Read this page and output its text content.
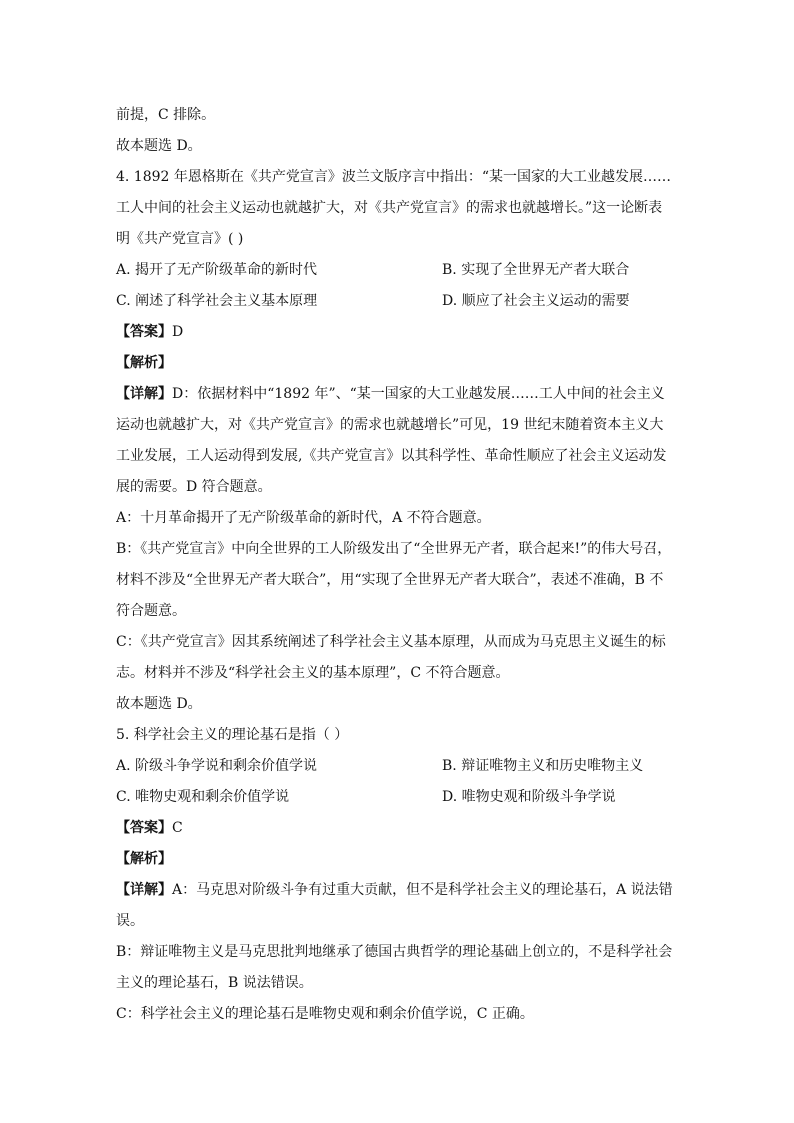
前提，C 排除。
故本题选 D。
4. 1892 年恩格斯在《共产党宣言》波兰文版序言中指出：“某一国家的大工业越发展……
工人中间的社会主义运动也就越扩大，对《共产党宣言》的需求也就越增长。”这一论断表
明《共产党宣言》( )
A. 揭开了无产阶级革命的新时代	B. 实现了全世界无产者大联合
C. 阐述了科学社会主义基本原理	D. 顺应了社会主义运动的需要
【答案】D
【解析】
【详解】D：依据材料中“1892 年”、“某一国家的大工业越发展……工人中间的社会主义
运动也就越扩大，对《共产党宣言》的需求也就越增长”可见，19 世纪末随着资本主义大
工业发展，工人运动得到发展,《共产党宣言》以其科学性、革命性顺应了社会主义运动发
展的需要。D 符合题意。
A：十月革命揭开了无产阶级革命的新时代，A 不符合题意。
B：《共产党宣言》中向全世界的工人阶级发出了“全世界无产者，联合起来!”的伟大号召，
材料不涉及“全世界无产者大联合”，用“实现了全世界无产者大联合”，表述不准确，B 不
符合题意。
C：《共产党宣言》因其系统阐述了科学社会主义基本原理，从而成为马克思主义诞生的标
志。材料并不涉及“科学社会主义的基本原理”，C 不符合题意。
故本题选 D。
5. 科学社会主义的理论基石是指（ ）
A. 阶级斗争学说和剩余价值学说	B. 辩证唯物主义和历史唯物主义
C. 唯物史观和剩余价值学说	D. 唯物史观和阶级斗争学说
【答案】C
【解析】
【详解】A：马克思对阶级斗争有过重大贡献，但不是科学社会主义的理论基石，A 说法错
误。
B：辩证唯物主义是马克思批判地继承了德国古典哲学的理论基础上创立的，不是科学社会
主义的理论基石，B 说法错误。
C：科学社会主义的理论基石是唯物史观和剩余价值学说，C 正确。
